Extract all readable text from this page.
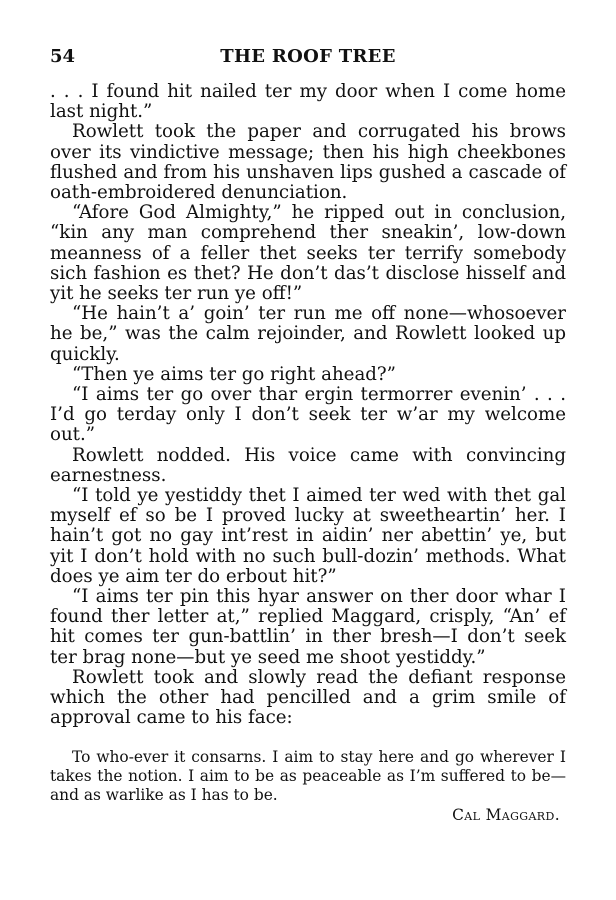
54	THE ROOF TREE

. . . I found hit nailed ter my door when I come home last night.”

Rowlett took the paper and corrugated his brows over its vindictive message; then his high cheekbones flushed and from his unshaven lips gushed a cascade of oath-embroidered denunciation.

“Afore God Almighty,” he ripped out in conclusion, “kin any man comprehend ther sneakin’, low-down meanness of a feller thet seeks ter terrify somebody sich fashion es thet? He don’t das’t disclose hisself and yit he seeks ter run ye off!”

“He hain’t a’ goin’ ter run me off none—whosoever he be,” was the calm rejoinder, and Rowlett looked up quickly.

“Then ye aims ter go right ahead?”

“I aims ter go over thar ergin termorrer evenin’ . . . I’d go terday only I don’t seek ter w’ar my welcome out.”

Rowlett nodded. His voice came with convincing earnestness.

“I told ye yestiddy thet I aimed ter wed with thet gal myself ef so be I proved lucky at sweetheartin’ her. I hain’t got no gay int’rest in aidin’ ner abettin’ ye, but yit I don’t hold with no such bull-dozin’ methods. What does ye aim ter do erbout hit?”

“I aims ter pin this hyar answer on ther door whar I found ther letter at,” replied Maggard, crisply, “An’ ef hit comes ter gun-battlin’ in ther bresh—I don’t seek ter brag none—but ye seed me shoot yestiddy.”

Rowlett took and slowly read the defiant response which the other had pencilled and a grim smile of approval came to his face:

To who-ever it consarns. I aim to stay here and go wherever I takes the notion. I aim to be as peaceable as I’m suffered to be—and as warlike as I has to be.

Cal Maggard.
